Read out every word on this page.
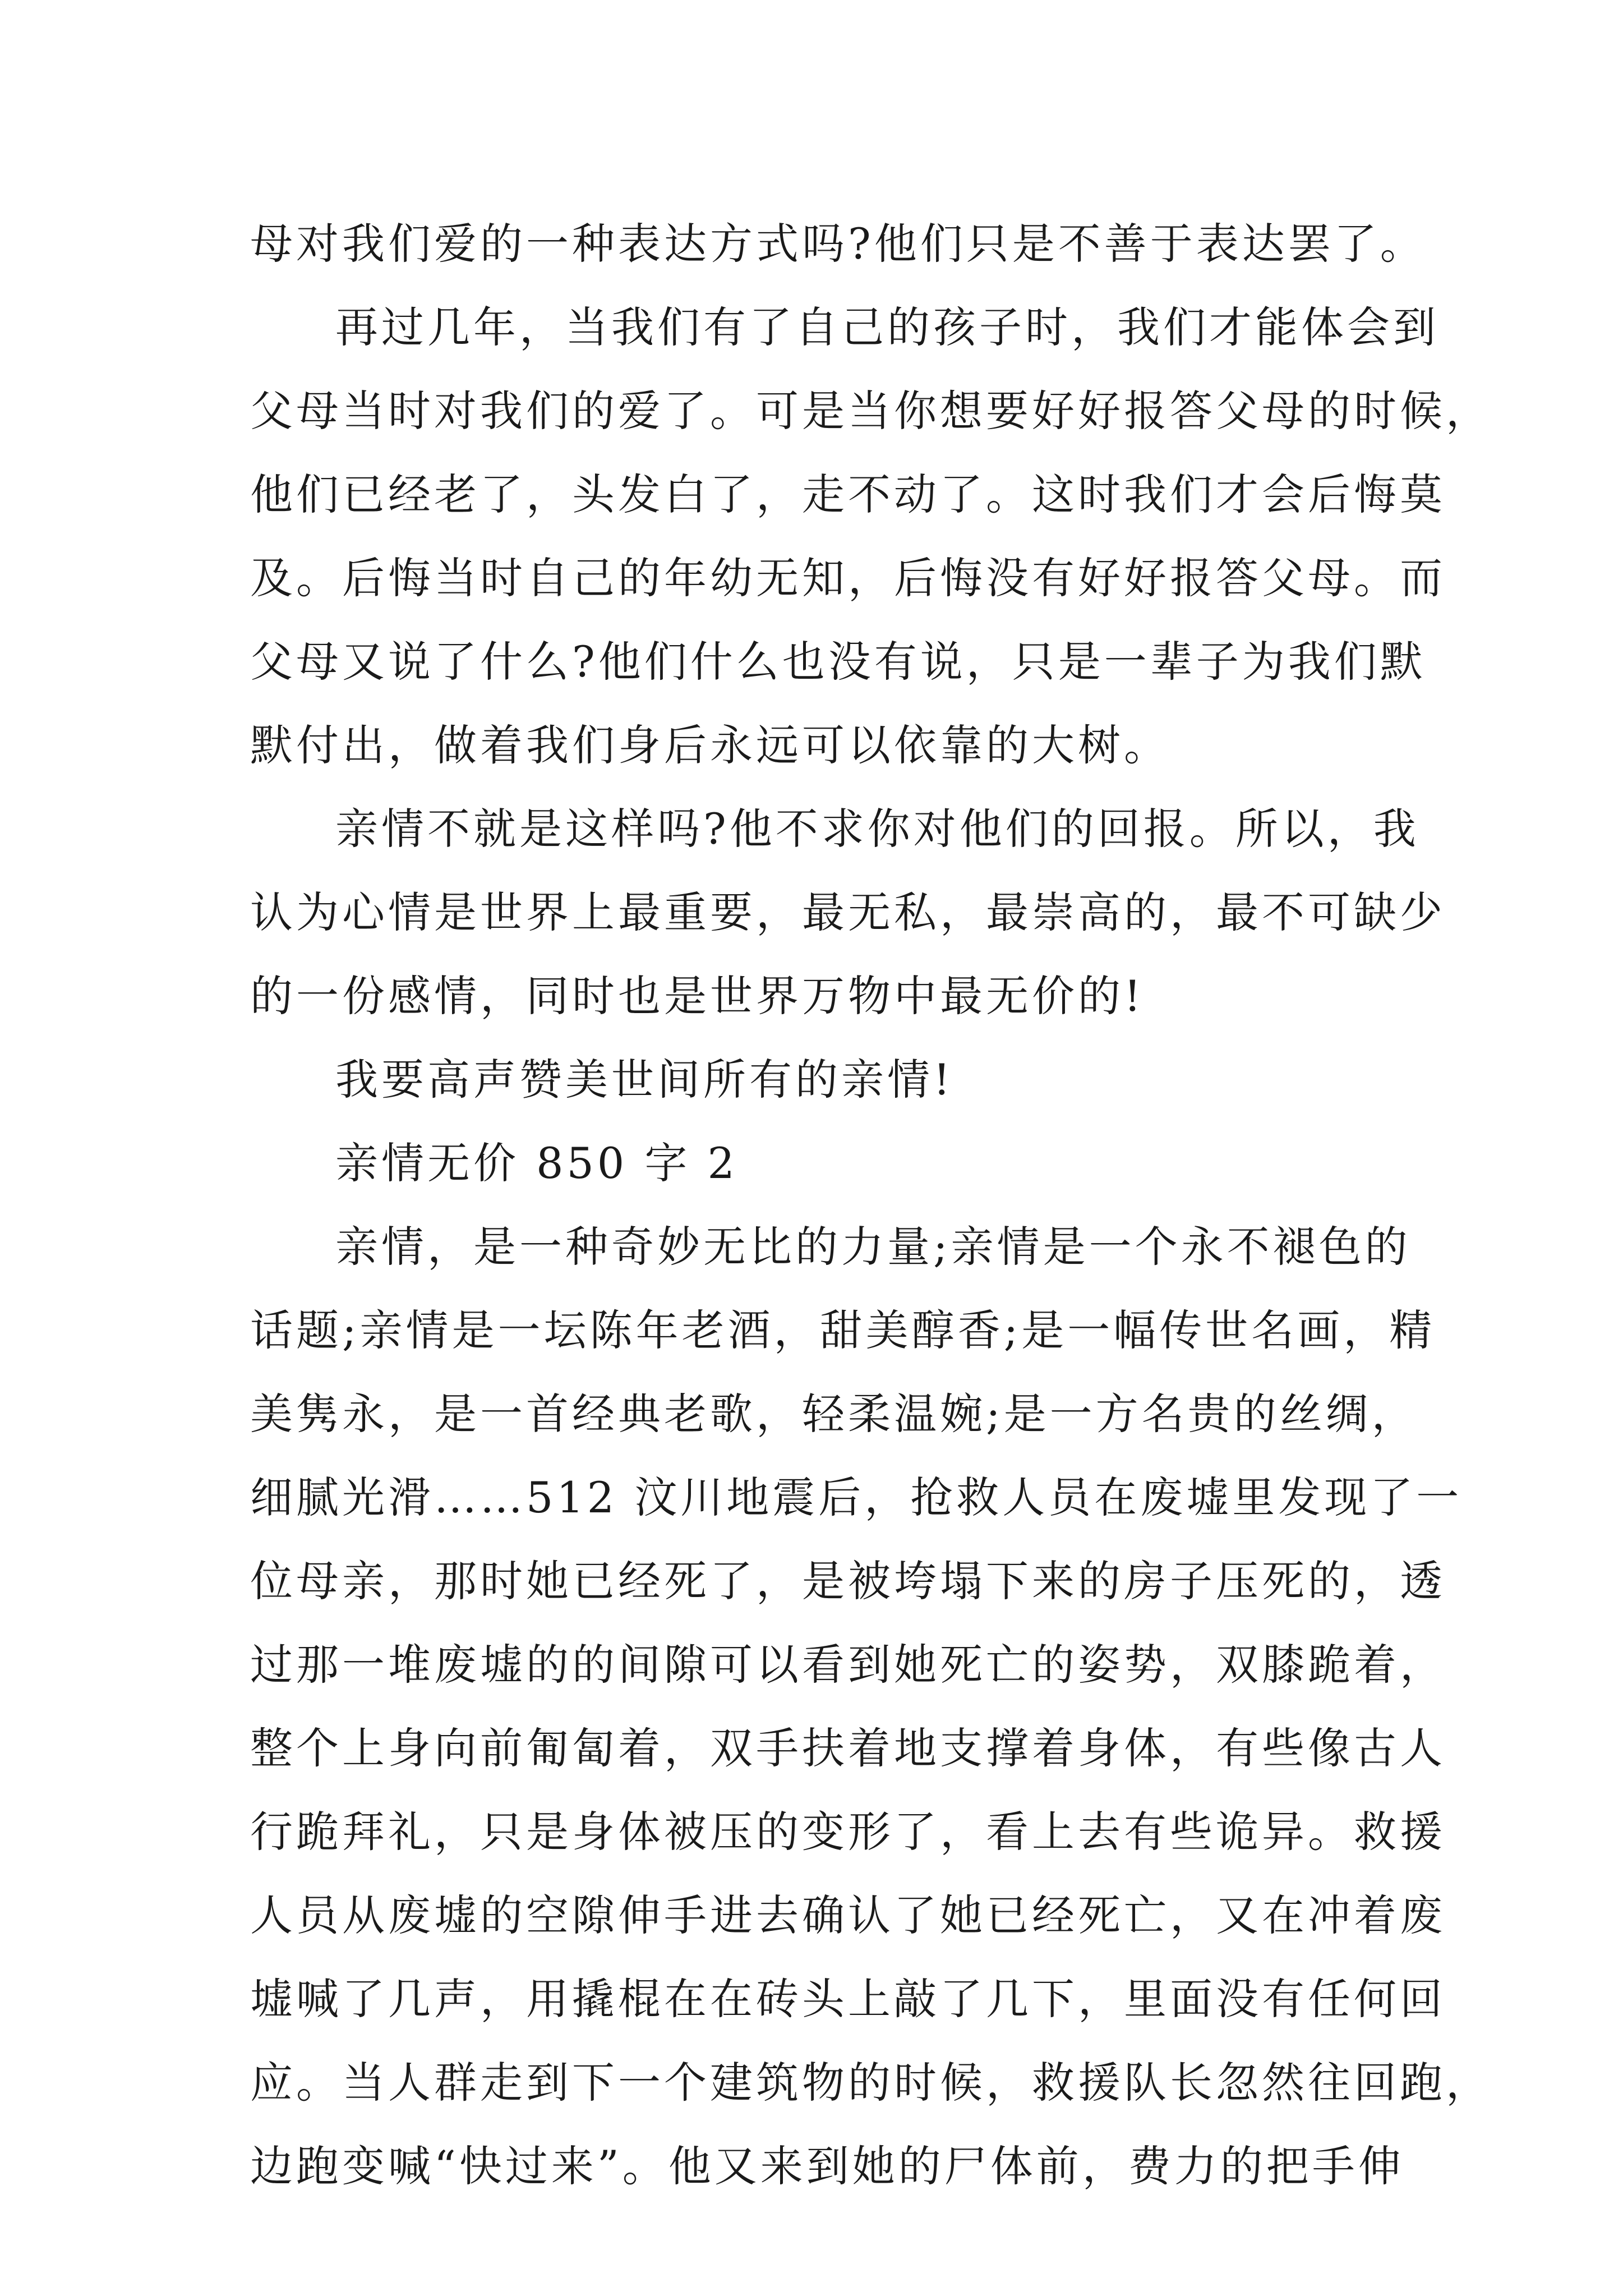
母对我们爱的一种表达方式吗?他们只是不善于表达罢了。
再过几年，当我们有了自己的孩子时，我们才能体会到
父母当时对我们的爱了。可是当你想要好好报答父母的时候，
他们已经老了，头发白了，走不动了。这时我们才会后悔莫
及。后悔当时自己的年幼无知，后悔没有好好报答父母。而
父母又说了什么?他们什么也没有说，只是一辈子为我们默
默付出，做着我们身后永远可以依靠的大树。
亲情不就是这样吗?他不求你对他们的回报。所以，我
认为心情是世界上最重要，最无私，最崇高的，最不可缺少
的一份感情，同时也是世界万物中最无价的!
我要高声赞美世间所有的亲情!
亲情无价 850 字 2
亲情，是一种奇妙无比的力量;亲情是一个永不褪色的
话题;亲情是一坛陈年老酒，甜美醇香;是一幅传世名画，精
美隽永，是一首经典老歌，轻柔温婉;是一方名贵的丝绸，
细腻光滑……512 汶川地震后，抢救人员在废墟里发现了一
位母亲，那时她已经死了，是被垮塌下来的房子压死的，透
过那一堆废墟的的间隙可以看到她死亡的姿势，双膝跪着，
整个上身向前匍匐着，双手扶着地支撑着身体，有些像古人
行跪拜礼，只是身体被压的变形了，看上去有些诡异。救援
人员从废墟的空隙伸手进去确认了她已经死亡，又在冲着废
墟喊了几声，用撬棍在在砖头上敲了几下，里面没有任何回
应。当人群走到下一个建筑物的时候，救援队长忽然往回跑，
边跑变喊“快过来”。他又来到她的尸体前，费力的把手伸
